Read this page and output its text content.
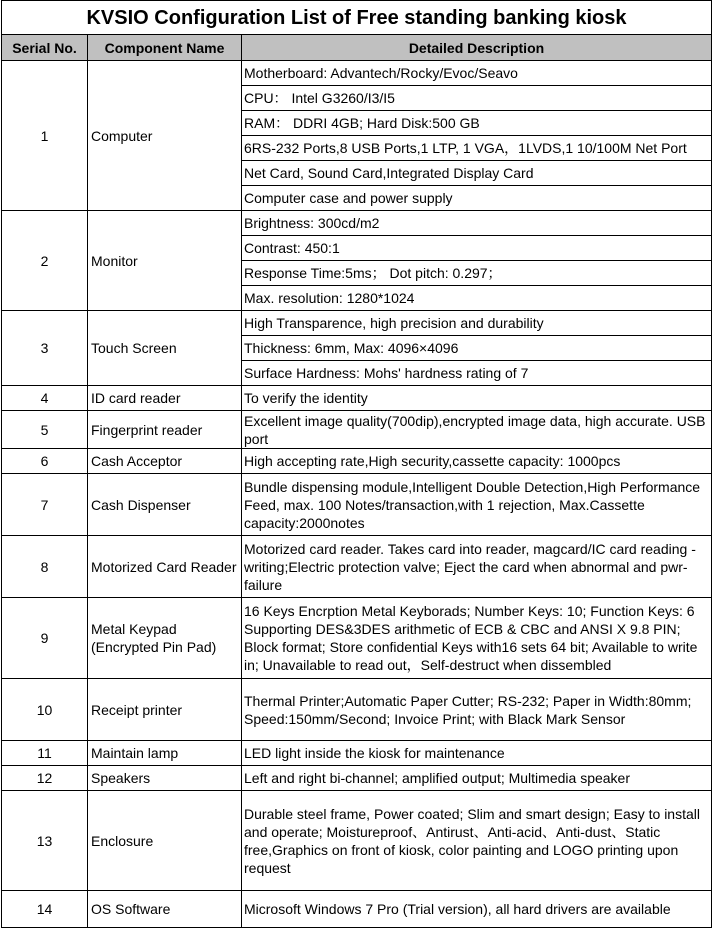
KVSIO Configuration List of Free standing banking kiosk		
Serial No.	Component Name	Detailed Description
1	Computer	Motherboard: Advantech/Rocky/Evoc/Seavo
		CPU： Intel G3260/I3/I5
		RAM： DDRI 4GB; Hard Disk:500 GB
		6RS-232 Ports,8 USB Ports,1 LTP, 1 VGA，1LVDS,1 10/100M Net Port
		Net Card, Sound Card,Integrated Display Card
		Computer case and power supply
2	Monitor	Brightness: 300cd/m2
		Contrast: 450:1
		Response Time:5ms； Dot pitch: 0.297；
		Max. resolution: 1280*1024
3	Touch Screen	High Transparence, high precision and durability
		Thickness: 6mm, Max: 4096×4096
		Surface Hardness: Mohs' hardness rating of 7
4	ID card reader	To verify the identity
5	Fingerprint reader	Excellent image quality(700dip),encrypted image data, high accurate. USB port
6	Cash Acceptor	High accepting rate,High security,cassette capacity: 1000pcs
7	Cash Dispenser	Bundle dispensing module,Intelligent Double Detection,High Performance Feed, max. 100 Notes/transaction,with 1 rejection, Max.Cassette capacity:2000notes
8	Motorized Card Reader	Motorized card reader. Takes card into reader, magcard/IC card reading - writing;Electric protection valve; Eject the card when abnormal and pwr-failure
9	Metal Keypad (Encrypted Pin Pad)	16 Keys Encrption Metal Keyborads; Number Keys: 10; Function Keys: 6 Supporting DES&3DES arithmetic of ECB & CBC and ANSI X 9.8 PIN; Block format; Store confidential Keys with16 sets 64 bit; Available to write in; Unavailable to read out，Self-destruct when dissembled
10	Receipt printer	Thermal Printer;Automatic Paper Cutter; RS-232; Paper in Width:80mm; Speed:150mm/Second; Invoice Print; with Black Mark Sensor
11	Maintain lamp	LED light inside the kiosk for maintenance
12	Speakers	Left and right bi-channel; amplified output; Multimedia speaker
13	Enclosure	Durable steel frame, Power coated; Slim and smart design; Easy to install and operate; Moistureproof、Antirust、Anti-acid、Anti-dust、Static free,Graphics on front of kiosk, color painting and LOGO printing upon request
14	OS Software	Microsoft Windows 7 Pro (Trial version), all hard drivers are available
